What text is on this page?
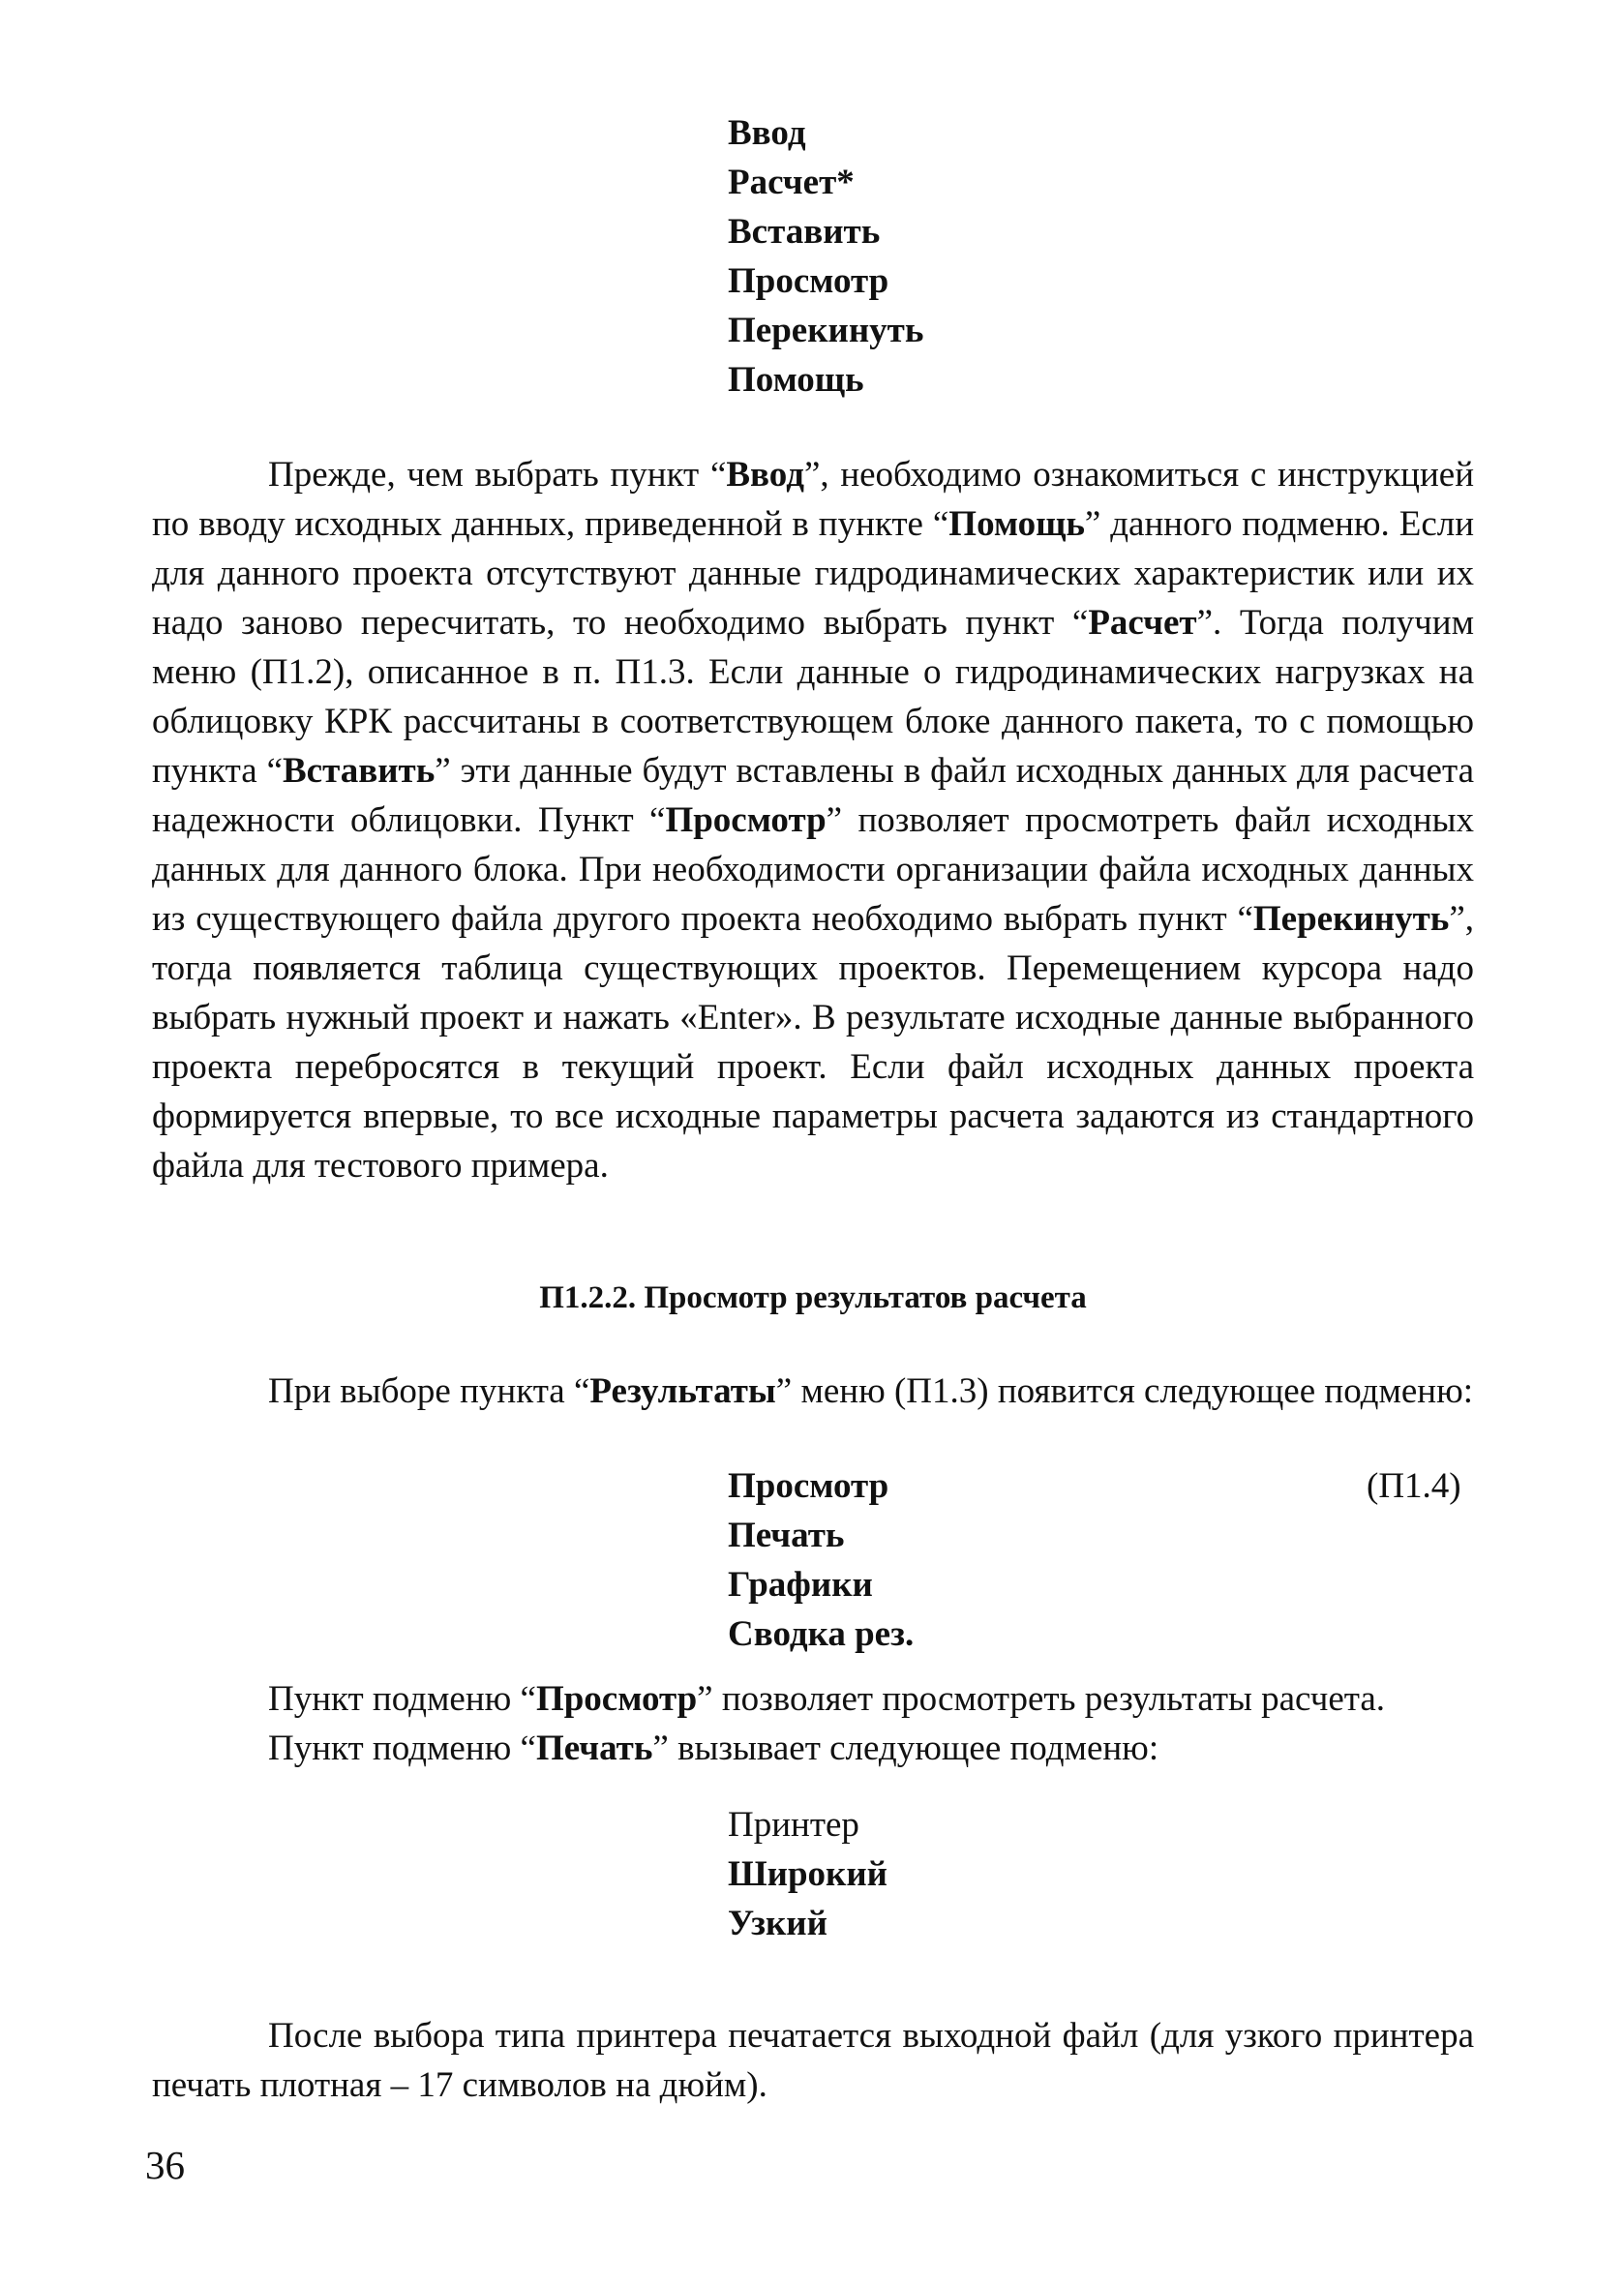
Ввод
Расчет*
Вставить
Просмотр
Перекинуть
Помощь
Прежде, чем выбрать пункт “Ввод”, необходимо ознакомиться с инструкцией по вводу исходных данных, приведенной в пункте “Помощь” данного подменю. Если для данного проекта отсутствуют данные гидродинамических характеристик или их надо заново пересчитать, то необходимо выбрать пункт “Расчет”. Тогда получим меню (П1.2), описанное в п. П1.3. Если данные о гидродинамических нагрузках на облицовку КРК рассчитаны в соответствующем блоке данного пакета, то с помощью пункта “Вставить” эти данные будут вставлены в файл исходных данных для расчета надежности облицовки. Пункт “Просмотр” позволяет просмотреть файл исходных данных для данного блока. При необходимости организации файла исходных данных из существующего файла другого проекта необходимо выбрать пункт “Перекинуть”, тогда появляется таблица существующих проектов. Перемещением курсора надо выбрать нужный проект и нажать «Enter». В результате исходные данные выбранного проекта перебросятся в текущий проект. Если файл исходных данных проекта формируется впервые, то все исходные параметры расчета задаются из стандартного файла для тестового примера.
П1.2.2. Просмотр результатов расчета
При выборе пункта “Результаты” меню (П1.3) появится следующее подменю:
Просмотр
Печать
Графики
Сводка рез.
(П1.4)
Пункт подменю “Просмотр” позволяет просмотреть результаты расчета.
Пункт подменю “Печать” вызывает следующее подменю:
Принтер
Широкий
Узкий
После выбора типа принтера печатается выходной файл (для узкого принтера печать плотная – 17 символов на дюйм).
36
